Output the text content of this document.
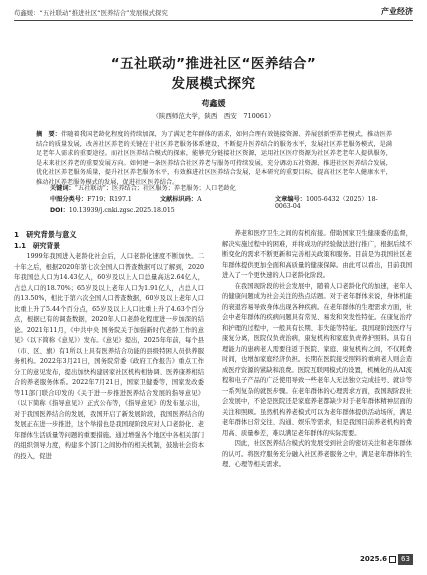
苟鑫媛：“五社联动”推进社区“医养结合”发展模式探究	产业经济
“五社联动”推进社区“医养结合”
发展模式探究
苟鑫媛
（陕西师范大学，陕西　西安　710061）
摘　要：伴随着我国老龄化程度的持续加深，为了满足老年群体的需求，如何合理有效链接资源、养展创新型养老模式，推动医养结合的质量发展，改善社区养老的关键在于社区养老服务体系建设，不断提升医养结合的服务水平，发展社区养老服务模式，是满足老年人需求的重要途径。而社区医养结合模式的探索，能够充分链接社区资源，运用社区医疗资源为社区养老老年人提供服务，是未来社区养老的重要发展方向。如何建一条医养结合社区养老与服务可持续发展，充分调动五社资源，推进社区医养结合发展，优化社区养老服务质量，提升社区养老服务水平，有效推进社区医养结合发展，是本研究的重要目标，提高社区老年人健康水平，推动社区养老服务模式的发展，促进社区医养结合。
关键词：“五社联动”；医养结合；社区服务；养老服务；人口老龄化
中图分类号：F719；R197.1	文献标识码：A	文章编号：1005-6432（2025）18-0063-04
DOI：10.13939/j.cnki.zgsc.2025.18.015
1　研究背景与意义
1.1　研究背景

1999年我国进入老龄化社会后，人口老龄化速度不断加快。二十年之后，根据2020年第七次全国人口普查数据可以了解到，2020年我国总人口为14.43亿人，60岁及以上人口总量高达2.64亿人，占总人口的18.70%；65岁及以上老年人口为1.91亿人，占总人口的13.50%，相比于第六次全国人口普查数据，60岁及以上老年人口比重上升了5.44个百分点，65岁及以上人口比重上升了4.63个百分点，根据已有的调查数据，2020年人口老龄化程度进一步加深的结论。2021年11月，《中共中央 国务院关于加强新时代老龄工作的意见》（以下简称《意见》）发布。《意见》提出，2025年年前，每个县（市、区、旗）有1所以上具有医养结合功能的县级特困人员供养服务机构。2022年3月21日，国务院常委《政府工作报告》重点工作分工的意见发布，提出加快构建居家社区机构相协调、医养康养相结合的养老服务体系。2022年7月21日，国家卫健委等，国家发改委等11部门联合印发的《关于进一步推进医养结合发展的指导意见》（以下简称《指导意见》）正式公布等，《指导意见》的发布显示出，对于我国医养结合的发展，我国开启了新发展阶段，我国医养结合的发展正在进一步推进，这个举措也是我国现阶段应对人口老龄化、老年群体生活质量等问题的重要措施。通过增强各个地区中各相关部门的组织领导力度，构建多个部门之间协作的相关机制，鼓励社会资本的投入，促进

养老和医疗卫生之间的有机衔接。借助国家卫生健康委的监督，解决实施过程中的困难，并将成功的经验做法进行推广，根据后续不断变化的需求不断更新和完善相关政策和服务。目前是为我国社区老年群体提供更加全面和高质量的健康保障。由此可以看出，目前我国进入了一个更快速的人口老龄化阶段。

在我国现阶段的社会发展中，随着人口老龄化代的加速，老年人的健康问题成为社会关注的热点话题。对于老年群体来说，身体机能的衰退容易导致身体出现各种疾病。在老年群体的生理需求方面，社会中老年群体的疾病问题具有常见、易发和突发性特征。在康复治疗和护理的过程中，一般具有长期、非失能等特征。我国现阶段医疗与康复分离，医院仅负责治病，康复机构和家庭负责养护照料。具有自理能力的患病老人需要往返于医院、家庭、康复机构之间，不仅耗费时间，也增加家庭经济负担。长期在医院接受照料的重病老人则会造成医疗资源的紧缺和浪费。医院互联网模式的设置，机械化的从AI流程和电子产品的广泛使用导致一些老年人无法独立完成挂号、就诊等一系列复杂的就医步骤。在老年群体的心理需求方面，我国现阶段社会发展中，不论是医院还是家庭养老都缺少对于老年群体精神层面的关注和照顾。虽然机构养老模式可以为老年群体提供活动场所，满足老年群体日常交往、沟通、娱乐等需求，但是我国目前养老机构的费用高、质量参差，难以满足老年群体的实际需要。

因此，社区医养结合模式的发展受到社会的密切关注和老年群体的认可。将医疗服务充分融入社区养老服务之中，满足老年群体的生理、心理等相关需求。

2025.6	63
